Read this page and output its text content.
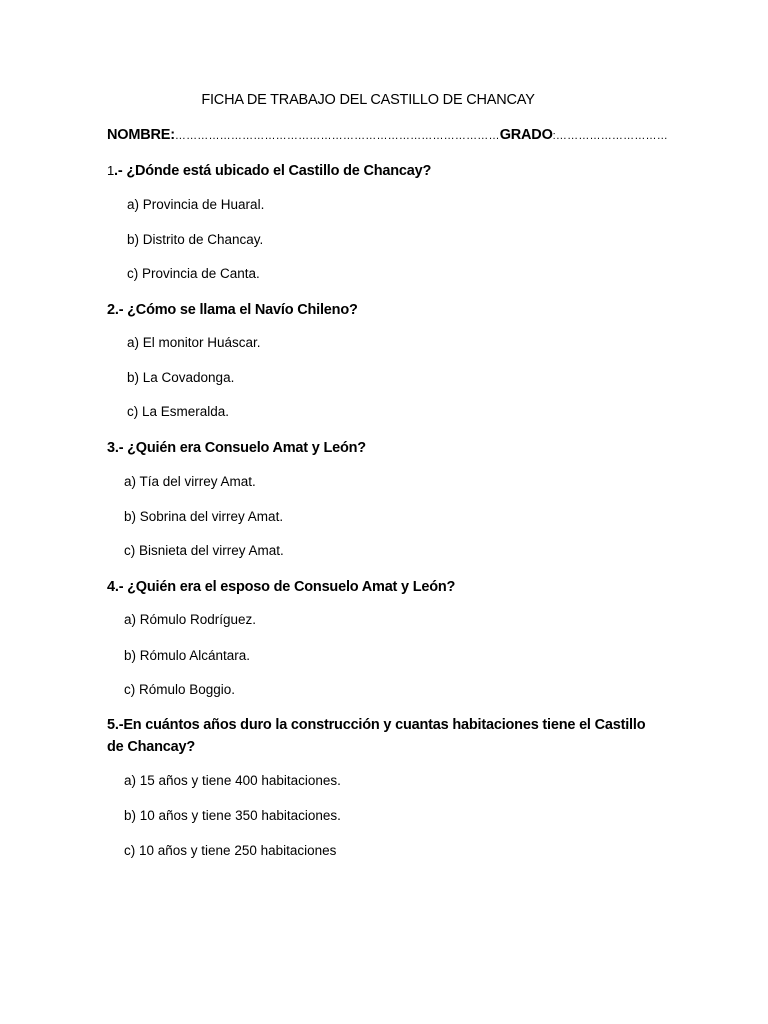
FICHA DE TRABAJO DEL CASTILLO DE CHANCAY
NOMBRE:……………………………………………………………………………GRADO:…………………………
1.- ¿Dónde está ubicado el Castillo de Chancay?
a) Provincia de Huaral.
b) Distrito de Chancay.
c) Provincia de Canta.
2.- ¿Cómo se llama el Navío Chileno?
a) El monitor Huáscar.
b) La Covadonga.
c) La Esmeralda.
3.- ¿Quién era Consuelo Amat y León?
a) Tía del virrey Amat.
b) Sobrina del virrey Amat.
c) Bisnieta del virrey Amat.
4.- ¿Quién era el esposo de Consuelo Amat y León?
a) Rómulo Rodríguez.
b) Rómulo Alcántara.
c) Rómulo Boggio.
5.-En cuántos años duro la construcción y cuantas habitaciones tiene el Castillo de Chancay?
a) 15 años y tiene 400 habitaciones.
b) 10 años y tiene 350 habitaciones.
c) 10 años y tiene 250 habitaciones
